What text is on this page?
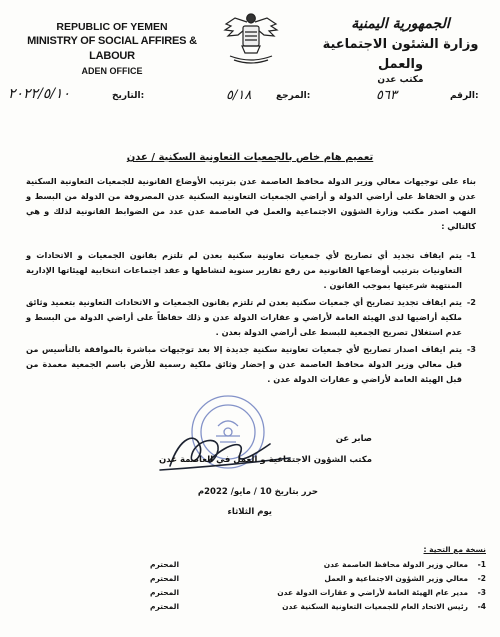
REPUBLIC OF YEMEN
MINISTRY OF SOCIAL AFFIRES & LABOUR
ADEN OFFICE
الجمهورية اليمنية
وزارة الشئون الاجتماعية والعمل
مكتب عدن
٢٠٢٢/٥/١٠	:التاريخ	٥/١٨	:المرجع	٥٦٣	:الرقم
تعميم هام خاص بالجمعيات التعاونية السكنية / عدن

بناء على توجيهات معالي وزير الدولة محافظ العاصمة عدن بترتيب الأوضاع القانونية للجمعيات التعاونية السكنية عدن و الحفاظ على أراضي الدولة و أراضي الجمعيات التعاونية السكنية عدن المصروفة من الدولة من البسط و النهب اصدر مكتب وزارة الشؤون الاجتماعية والعمل في العاصمة عدن عدد من الضوابط القانونية لذلك و هي كالتالي :

1-
يتم ايقاف تجديد أي تصاريح لأي جمعيات تعاونية سكنية بعدن لم تلتزم بقانون الجمعيات و الاتحادات و التعاونيات بترتيب أوضاعها القانونية من رفع تقارير سنوية لنشاطها و عقد اجتماعات انتخابية لهيئاتها الإدارية المنتهية شرعيتها بموجب القانون .
2-
يتم ايقاف تجديد تصاريح أي جمعيات سكنية بعدن لم تلتزم بقانون الجمعيات و الاتحادات التعاونية بتعميد وثائق ملكية أراضيها لدى الهيئة العامة لأراضي و عقارات الدولة عدن و ذلك حفاظاً على أراضي الدولة من البسط و عدم استغلال تصريح الجمعية للبسط على أراضي الدولة بعدن .
3-
يتم ايقاف اصدار تصاريح لأي جمعيات تعاونية سكنية جديدة إلا بعد توجيهات مباشرة بالموافقة بالتأسيس من قبل معالي وزير الدولة محافظ العاصمة عدن و إحضار وثائق ملكية رسمية للأرض باسم الجمعية معمدة من قبل الهيئة العامة لأراضي و عقارات الدولة عدن .
صابر عن
مكتب الشؤون الاجتماعية و العمل في العاصمة عدن
حرر بتاريخ 10 / مايو/ 2022م
يوم الثلاثاء
نسخة مع التحية :
1-
معالي وزير الدولة محافظ العاصمة عدن
المحترم
2-
معالي وزير الشؤون الاجتماعية و العمل
المحترم
3-
مدير عام الهيئة العامة لأراضي و عقارات الدولة عدن
المحترم
4-
رئيس الاتحاد العام للجمعيات التعاونية السكنية عدن
المحترم
